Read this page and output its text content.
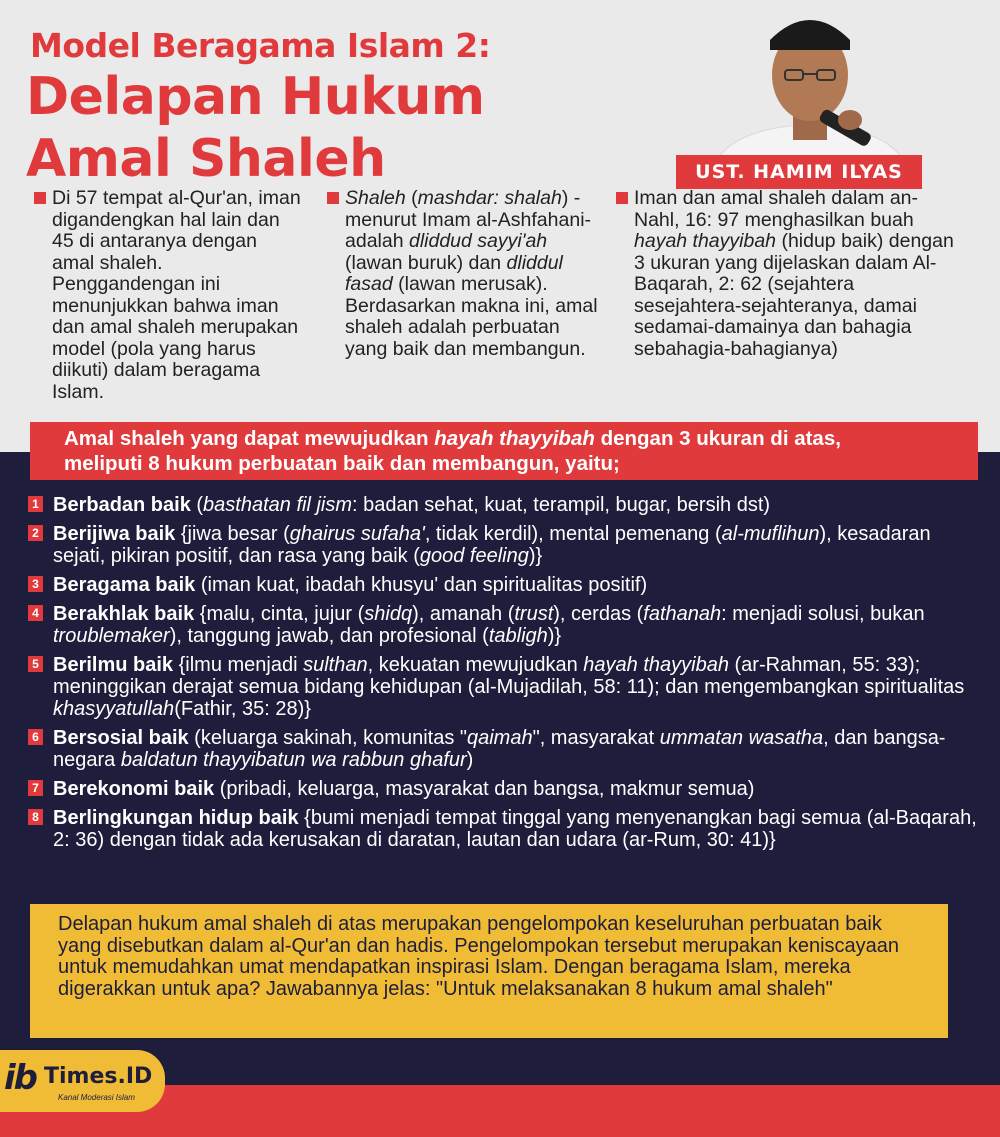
Model Beragama Islam 2:
Delapan Hukum
Amal Shaleh	UST. HAMIM ILYAS
Di 57 tempat al-Qur'an, iman digandengkan hal lain dan 45 di antaranya dengan amal shaleh. Penggandengan ini menunjukkan bahwa iman dan amal shaleh merupakan model (pola yang harus diikuti) dalam beragama Islam.
Shaleh (mashdar: shalah) -menurut Imam al-Ashfahani- adalah dliddud sayyi'ah (lawan buruk) dan dliddul fasad (lawan merusak). Berdasarkan makna ini, amal shaleh adalah perbuatan yang baik dan membangun.
Iman dan amal shaleh dalam an-Nahl, 16: 97 menghasilkan buah hayah thayyibah (hidup baik) dengan 3 ukuran yang dijelaskan dalam Al-Baqarah, 2: 62 (sejahtera sesejahtera-sejahteranya, damai sedamai-damainya dan bahagia sebahagia-bahagianya)
Amal shaleh yang dapat mewujudkan hayah thayyibah dengan 3 ukuran di atas,
meliputi 8 hukum perbuatan baik dan membangun, yaitu;
1 Berbadan baik (basthatan fil jism: badan sehat, kuat, terampil, bugar, bersih dst)
2 Berijiwa baik {jiwa besar (ghairus sufaha', tidak kerdil), mental pemenang (al-muflihun), kesadaran sejati, pikiran positif, dan rasa yang baik (good feeling)}
3 Beragama baik (iman kuat, ibadah khusyu' dan spiritualitas positif)
4 Berakhlak baik {malu, cinta, jujur (shidq), amanah (trust), cerdas (fathanah: menjadi solusi, bukan troublemaker), tanggung jawab, dan profesional (tabligh)}
5 Berilmu baik {ilmu menjadi sulthan, kekuatan mewujudkan hayah thayyibah (ar-Rahman, 55: 33); meninggikan derajat semua bidang kehidupan (al-Mujadilah, 58: 11); dan mengembangkan spiritualitas khasyyatullah(Fathir, 35: 28)}
6 Bersosial baik (keluarga sakinah, komunitas "qaimah", masyarakat ummatan wasatha, dan bangsa-negara baldatun thayyibatun wa rabbun ghafur)
7 Berekonomi baik (pribadi, keluarga, masyarakat dan bangsa, makmur semua)
8 Berlingkungan hidup baik {bumi menjadi tempat tinggal yang menyenangkan bagi semua (al-Baqarah, 2: 36) dengan tidak ada kerusakan di daratan, lautan dan udara (ar-Rum, 30: 41)}
Delapan hukum amal shaleh di atas merupakan pengelompokan keseluruhan perbuatan baik yang disebutkan dalam al-Qur'an dan hadis. Pengelompokan tersebut merupakan keniscayaan untuk memudahkan umat mendapatkan inspirasi Islam. Dengan beragama Islam, mereka digerakkan untuk apa? Jawabannya jelas: "Untuk melaksanakan 8 hukum amal shaleh"
ib Times.ID
Kanal Moderasi Islam
